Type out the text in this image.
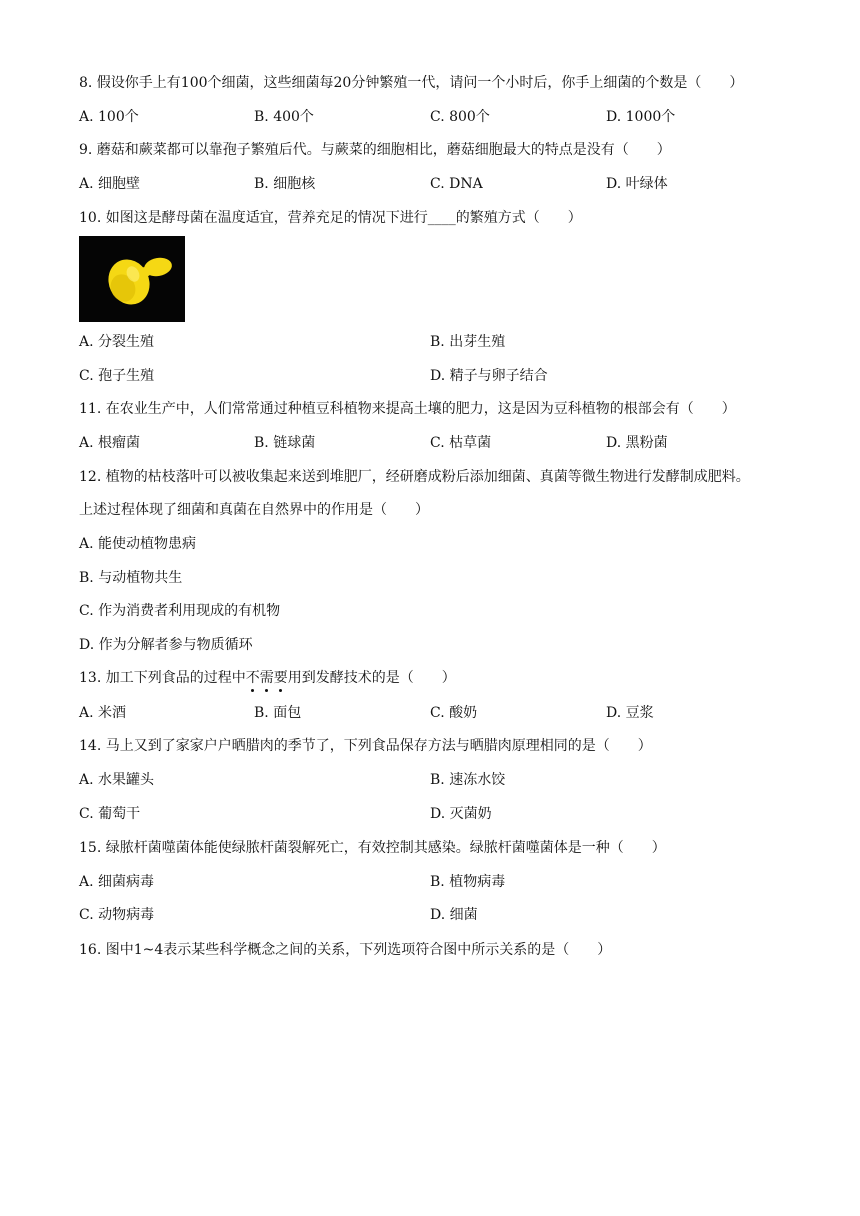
8. 假设你手上有100个细菌，这些细菌每20分钟繁殖一代，请问一个小时后，你手上细菌的个数是（　　）
A. 100个	B. 400个	C. 800个	D. 1000个
9. 蘑菇和蕨菜都可以靠孢子繁殖后代。与蕨菜的细胞相比，蘑菇细胞最大的特点是没有（　　）
A. 细胞壁	B. 细胞核	C. DNA	D. 叶绿体
10. 如图这是酵母菌在温度适宜，营养充足的情况下进行____的繁殖方式（　　）
A. 分裂生殖	B. 出芽生殖
C. 孢子生殖	D. 精子与卵子结合
11. 在农业生产中，人们常常通过种植豆科植物来提高土壤的肥力，这是因为豆科植物的根部会有（　　）
A. 根瘤菌	B. 链球菌	C. 枯草菌	D. 黑粉菌
12. 植物的枯枝落叶可以被收集起来送到堆肥厂，经研磨成粉后添加细菌、真菌等微生物进行发酵制成肥料。
上述过程体现了细菌和真菌在自然界中的作用是（　　）
A. 能使动植物患病
B. 与动植物共生
C. 作为消费者利用现成的有机物
D. 作为分解者参与物质循环
13. 加工下列食品的过程中不需要
用到发酵技术的是（　　）
A. 米酒	B. 面包	C. 酸奶	D. 豆浆
14. 马上又到了家家户户晒腊肉的季节了，下列食品保存方法与晒腊肉原理相同的是（　　）
A. 水果罐头	B. 速冻水饺
C. 葡萄干	D. 灭菌奶
15. 绿脓杆菌噬菌体能使绿脓杆菌裂解死亡，有效控制其感染。绿脓杆菌噬菌体是一种（　　）
A. 细菌病毒	B. 植物病毒
C. 动物病毒	D. 细菌
16. 图中1~4表示某些科学概念之间的关系，下列选项符合图中所示关系的是（　　）
